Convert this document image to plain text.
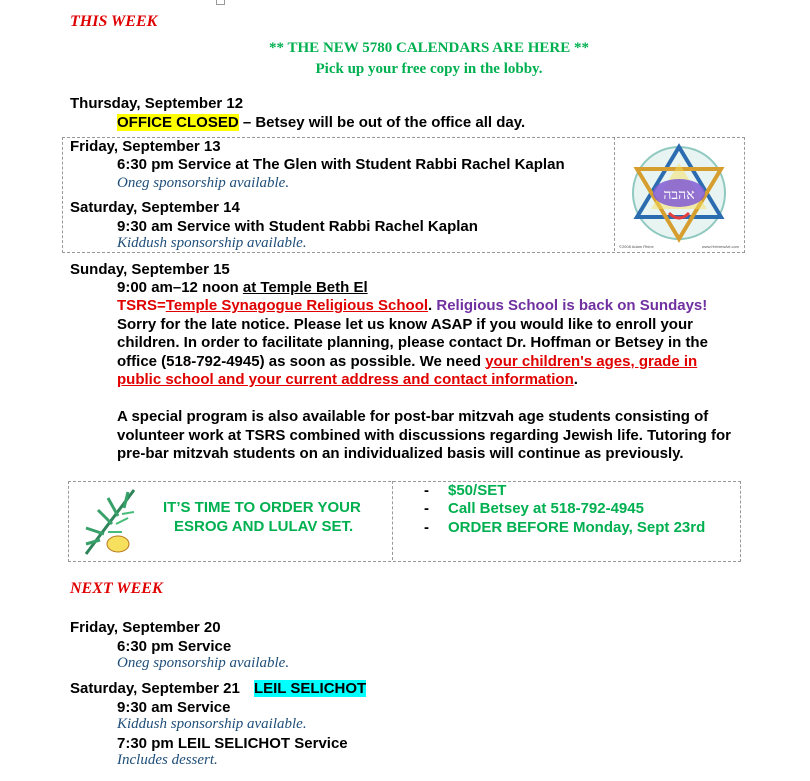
THIS WEEK
** THE NEW 5780 CALENDARS ARE HERE **
Pick up your free copy in the lobby.
Thursday, September 12
OFFICE CLOSED – Betsey will be out of the office all day.
Friday, September 13
6:30 pm Service at The Glen with Student Rabbi Rachel Kaplan
Oneg sponsorship available.
Saturday, September 14
9:30 am Service with Student Rabbi Rachel Kaplan
Kiddush sponsorship available.
אהבה
©2008 Adam Rhine	www.HebrewArt.com
Sunday, September 15
9:00 am–12 noon at Temple Beth El
TSRS=Temple Synagogue Religious School. Religious School is back on Sundays! Sorry for the late notice. Please let us know ASAP if you would like to enroll your children. In order to facilitate planning, please contact Dr. Hoffman or Betsey in the office (518-792-4945) as soon as possible. We need your children's ages, grade in public school and your current address and contact information.
A special program is also available for post-bar mitzvah age students consisting of volunteer work at TSRS combined with discussions regarding Jewish life. Tutoring for pre-bar mitzvah students on an individualized basis will continue as previously.
IT’S TIME TO ORDER YOUR
ESROG AND LULAV SET.
- $50/SET
- Call Betsey at 518-792-4945
- ORDER BEFORE Monday, Sept 23rd
NEXT WEEK
Friday, September 20
6:30 pm Service
Oneg sponsorship available.
Saturday, September 21 LEIL SELICHOT
9:30 am Service
Kiddush sponsorship available.
7:30 pm LEIL SELICHOT Service
Includes dessert.
